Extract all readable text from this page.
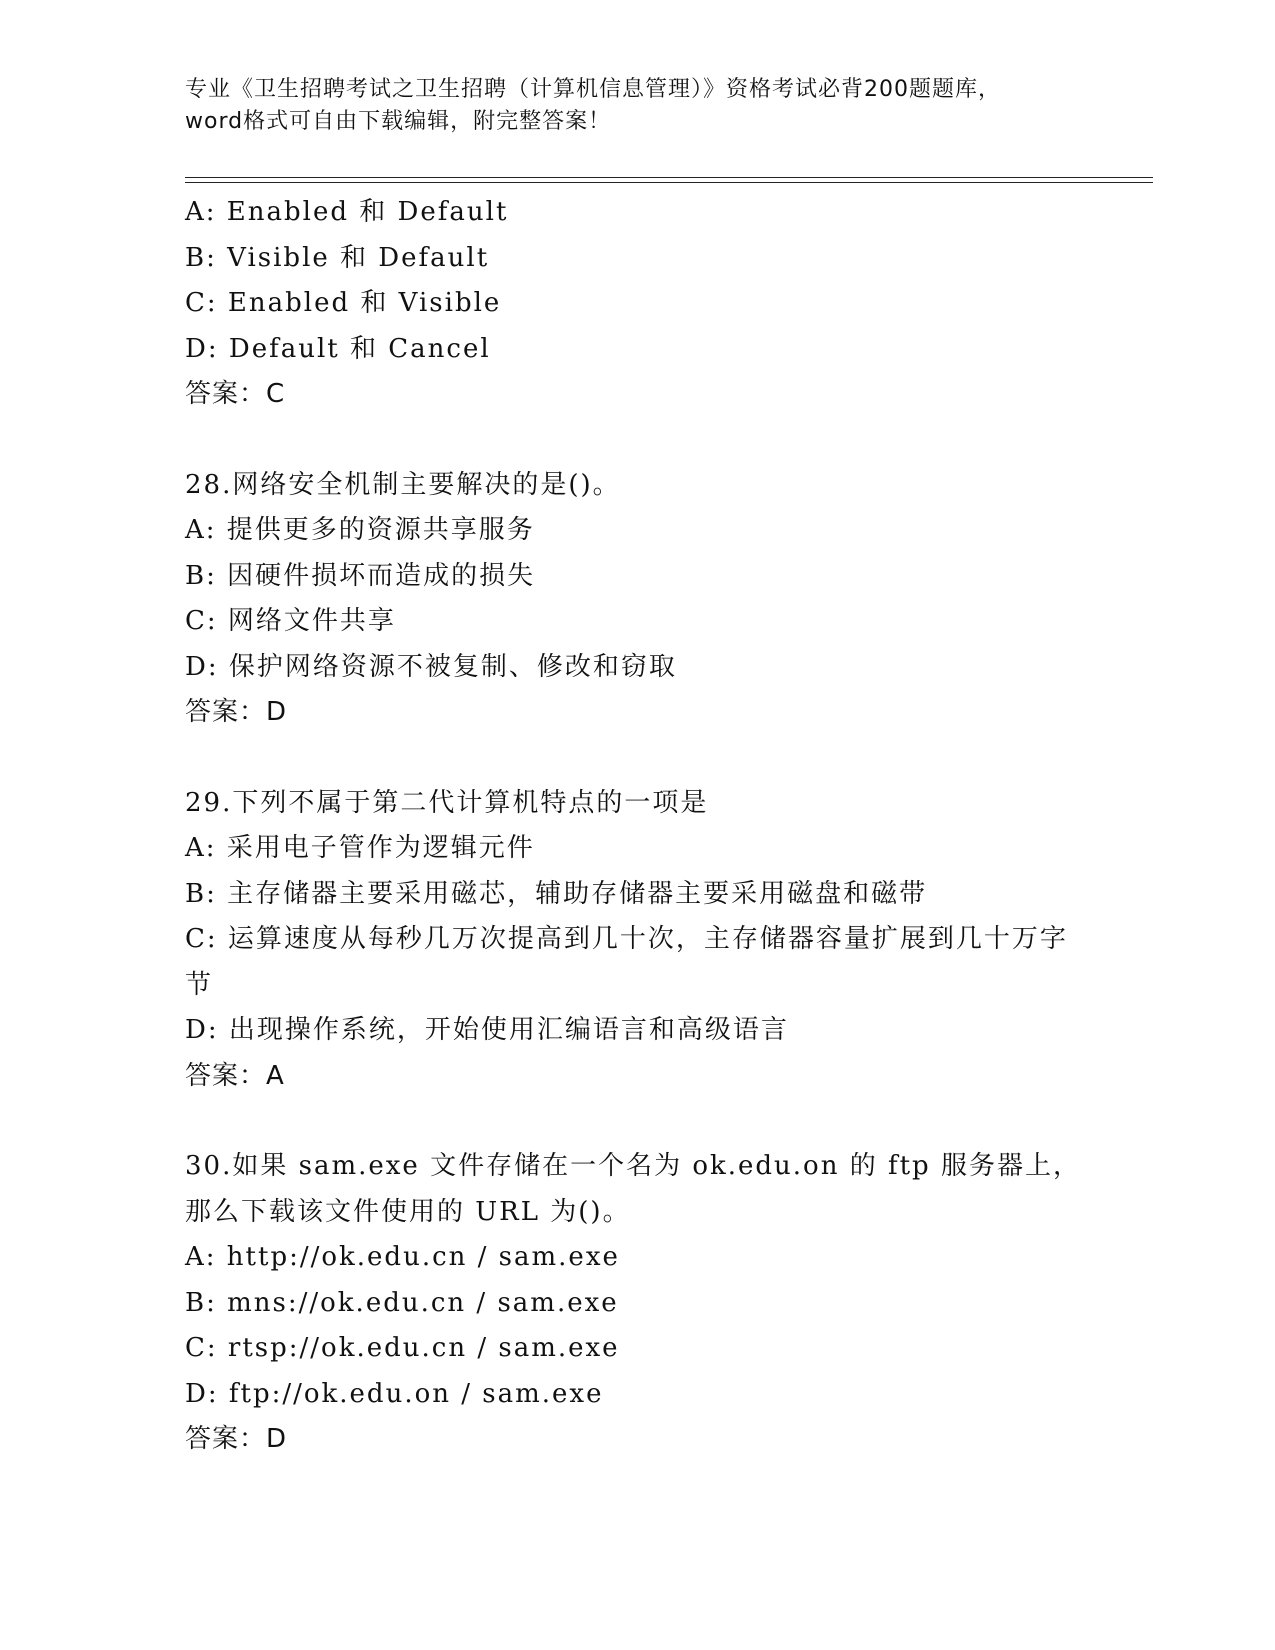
专业《卫生招聘考试之卫生招聘（计算机信息管理）》资格考试必背200题题库，
word格式可自由下载编辑，附完整答案！
A: Enabled 和 Default
B: Visible 和 Default
C: Enabled 和 Visible
D: Default 和 Cancel
答案：C
28.网络安全机制主要解决的是()。
A: 提供更多的资源共享服务
B: 因硬件损坏而造成的损失
C: 网络文件共享
D: 保护网络资源不被复制、修改和窃取
答案：D
29.下列不属于第二代计算机特点的一项是
A: 采用电子管作为逻辑元件
B: 主存储器主要采用磁芯，辅助存储器主要采用磁盘和磁带
C: 运算速度从每秒几万次提高到几十次，主存储器容量扩展到几十万字节
D: 出现操作系统，开始使用汇编语言和高级语言
答案：A
30.如果 sam.exe 文件存储在一个名为 ok.edu.on 的 ftp 服务器上，那么下载该文件使用的 URL 为()。
A: http://ok.edu.cn / sam.exe
B: mns://ok.edu.cn / sam.exe
C: rtsp://ok.edu.cn / sam.exe
D: ftp://ok.edu.on / sam.exe
答案：D
